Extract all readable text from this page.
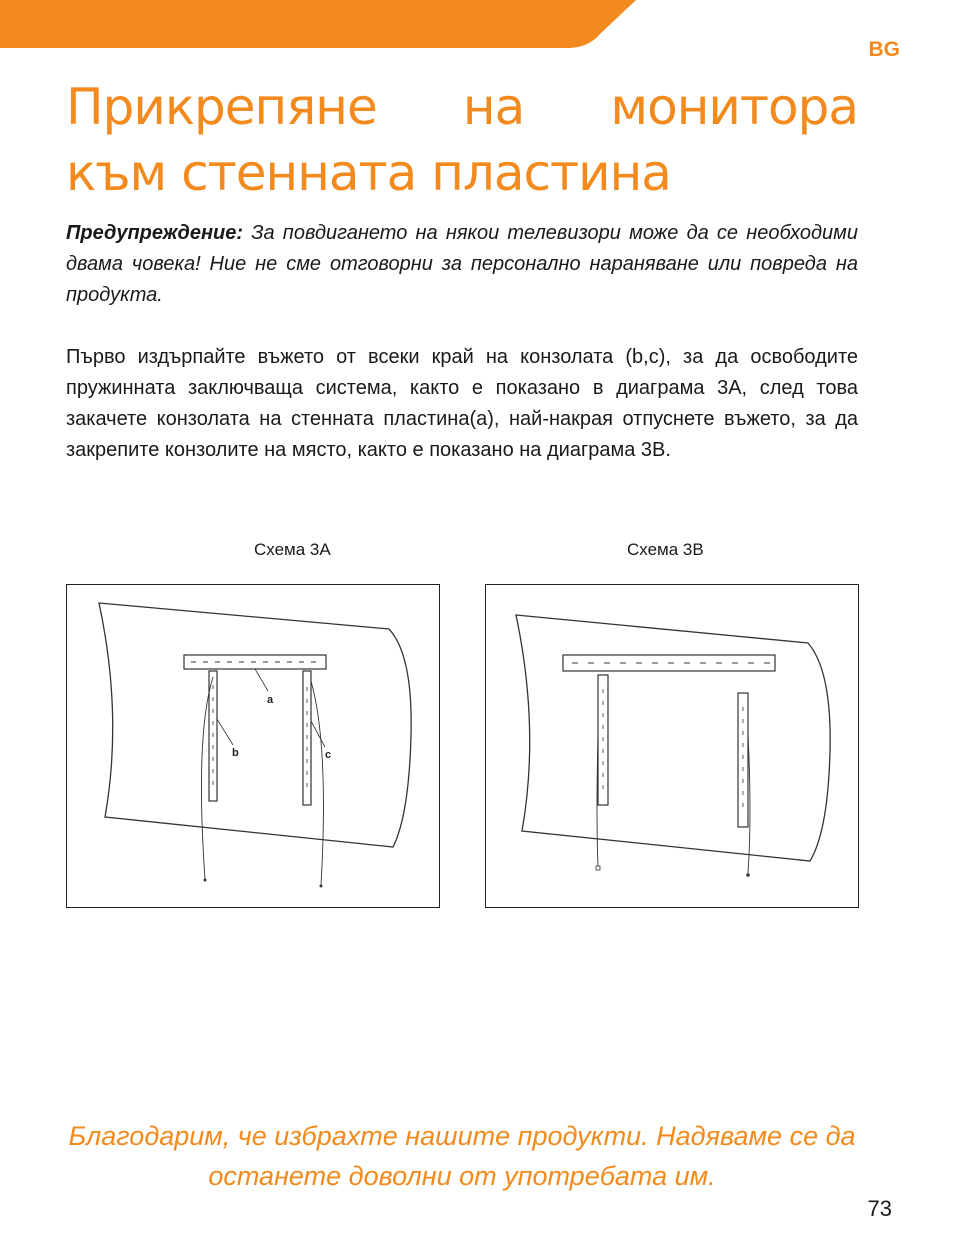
BG
Прикрепяне на монитора
към стенната пластина

Предупреждение: За повдигането на някои телевизори може да се необходими двама човека! Ние не сме отговорни за персонално нараняване или повреда на продукта.

Първо издърпайте въжето от всеки край на конзолата (b,c), за да освободите пружинната заключваща система, както е показано в диаграма 3A, след това закачете конзолата на стенната пластина(a), най-накрая отпуснете въжето, за да закрепите конзолите на място, както е показано на диаграма 3B.

Схема 3A	Схема 3B
a
b	c

Благодарим, че избрахте нашите продукти. Надяваме се да останете доволни от употребата им.

73
